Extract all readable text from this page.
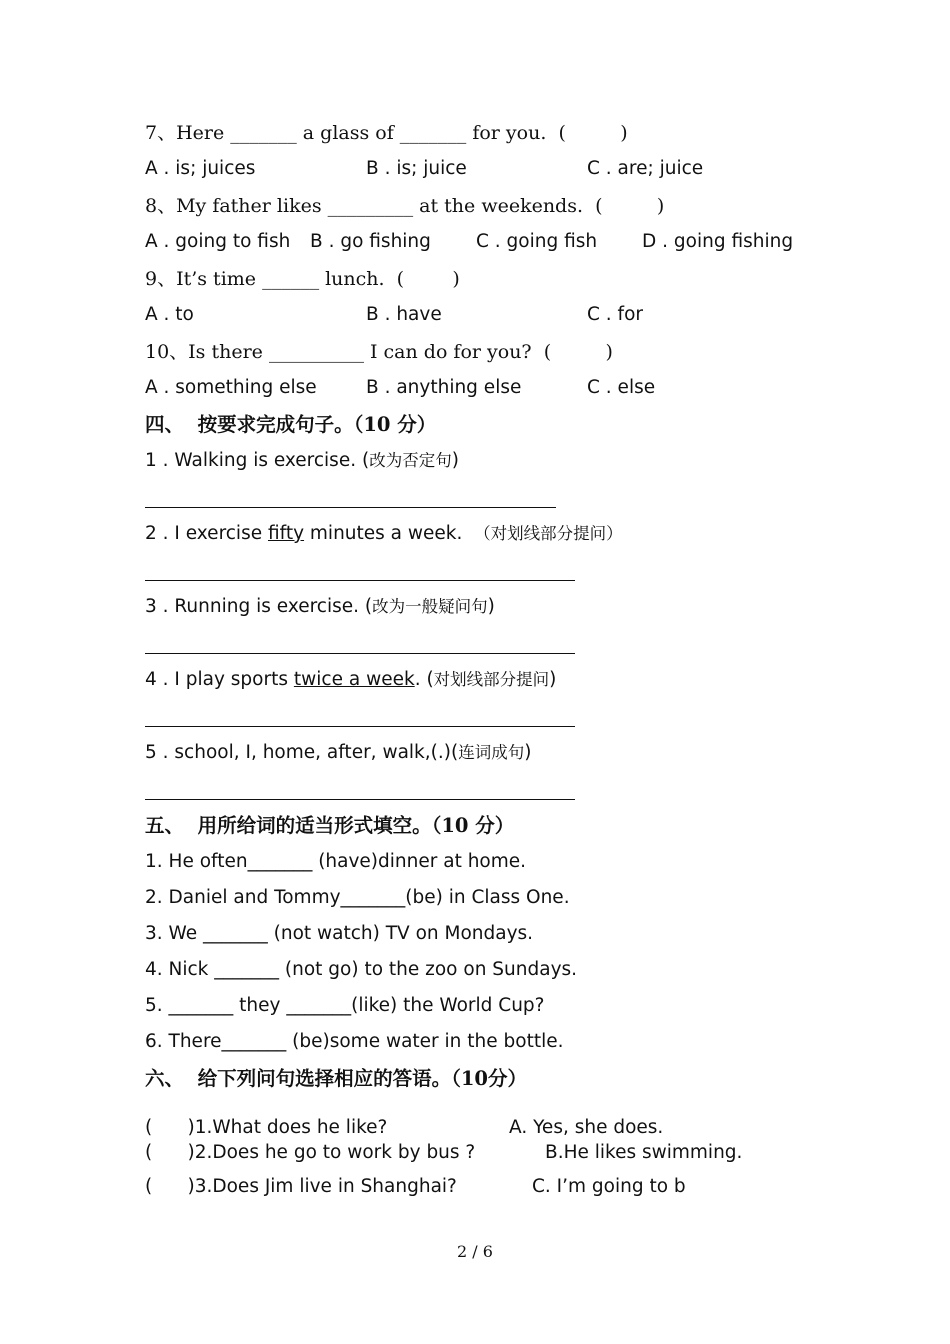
7、Here _______ a glass of _______ for you.  (         )
A . is; juices	B . is; juice	C . are; juice
8、My father likes _________ at the weekends.  (         )
A . going to fish B . go fishing C . going fish D . going fishing
9、It’s time ______ lunch.  (        )
A . to	B . have	C . for
10、Is there __________ I can do for you?  (         )
A . something else	B . anything else	C . else
四、  按要求完成句子。（10 分）
1 . Walking is exercise. (改为否定句)
2 . I exercise fifty minutes a week.  （对划线部分提问）
3 . Running is exercise. (改为一般疑问句)
4 . I play sports twice a week. (对划线部分提问)
5 . school, I, home, after, walk,(.)(连词成句)
五、  用所给词的适当形式填空。（10 分）
1. He often_______ (have)dinner at home.
2. Daniel and Tommy_______(be) in Class One.
3. We _______ (not watch) TV on Mondays.
4. Nick _______ (not go) to the zoo on Sundays.
5. _______ they _______(like) the World Cup?
6. There_______ (be)some water in the bottle.
六、  给下列问句选择相应的答语。（10分）
(      )1.What does he like?	A. Yes, she does.
(      )2.Does he go to work by bus ?	B.He likes swimming.
(      )3.Does Jim live in Shanghai?	C. I’m going to b
2 / 6
